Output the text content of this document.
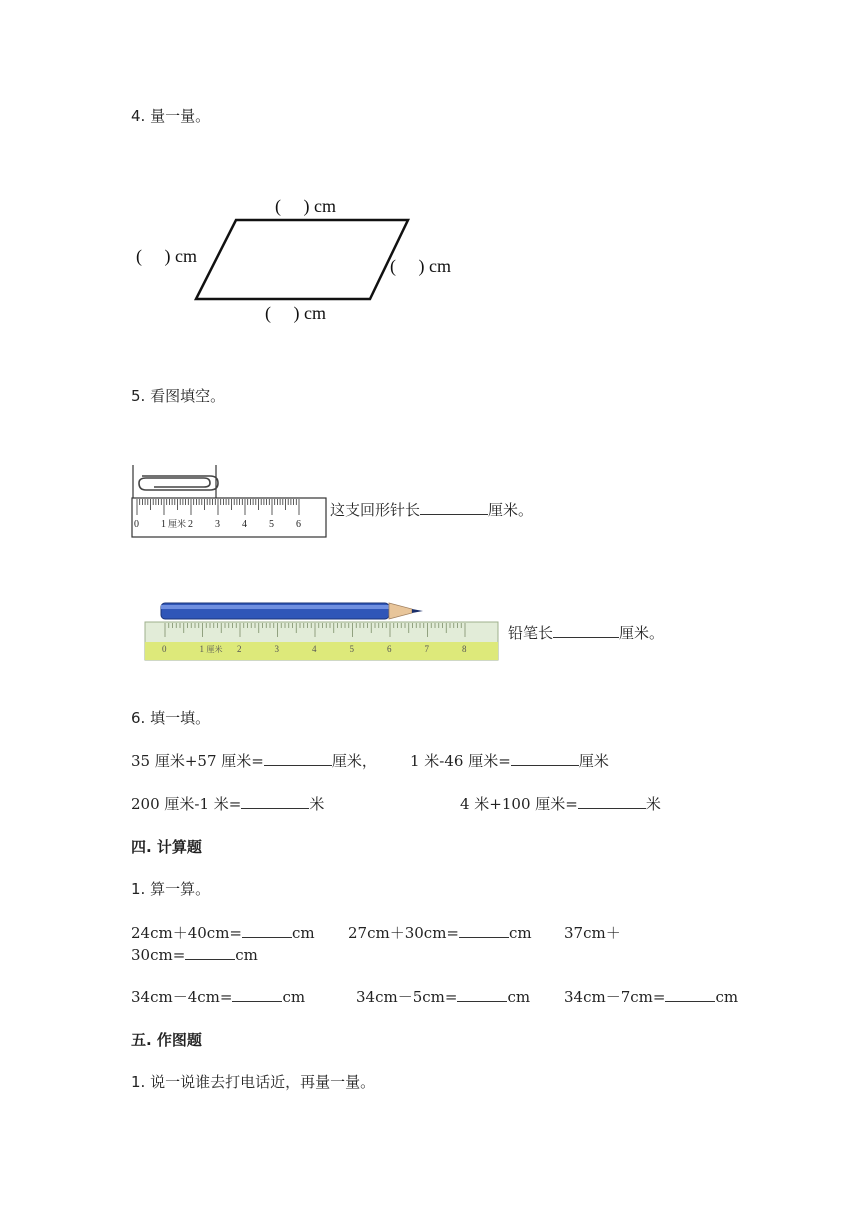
4. 量一量。
(     ) cm
(     ) cm	(     ) cm
(     ) cm
5. 看图填空。
0 1 厘米 2 3 4 5 6
这支回形针长	厘米。
0	1 厘米 2	3	4	5	6	7	8
铅笔长	厘米。
6. 填一填。
35 厘米+57 厘米=	厘米， 1 米-46 厘米=	厘米
200 厘米-1 米=	米	4 米+100 厘米=	米
四. 计算题
1. 算一算。
24cm＋40cm=	cm 27cm＋30cm=	cm 37cm＋
30cm=	cm
34cm－4cm=	cm	34cm－5cm=	cm 34cm－7cm=	cm
五. 作图题
1. 说一说谁去打电话近，再量一量。
